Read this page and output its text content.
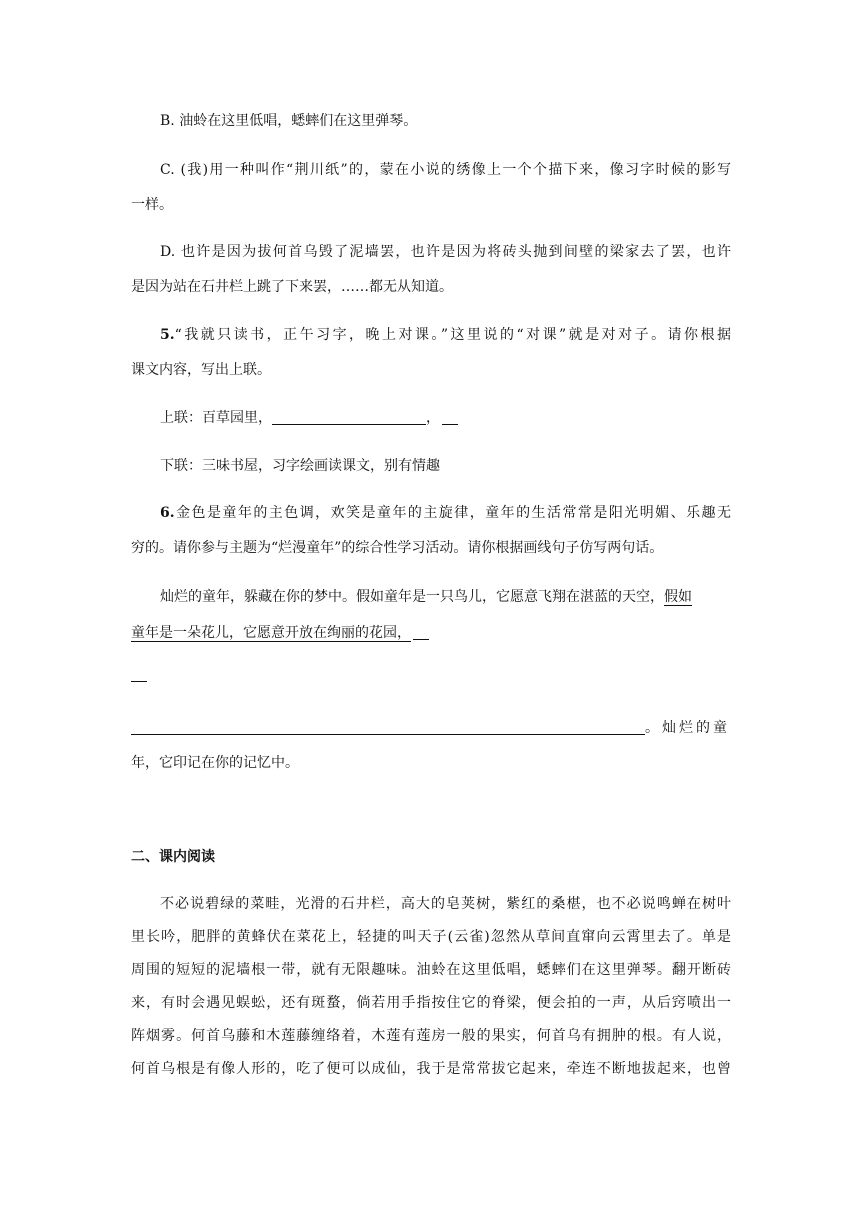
B. 油蛉在这里低唱，蟋蟀们在这里弹琴。

C. (我)用一种叫作“荆川纸”的，蒙在小说的绣像上一个个描下来，像习字时候的影写

一样。

D. 也许是因为拔何首乌毁了泥墙罢，也许是因为将砖头抛到间壁的梁家去了罢，也许

是因为站在石井栏上跳了下来罢，……都无从知道。

5.“我就只读书，正午习字，晚上对课。”这里说的“对课”就是对对子。请你根据

课文内容，写出上联。

上联：百草园里，	，

下联：三味书屋，习字绘画读课文，别有情趣

6.金色是童年的主色调，欢笑是童年的主旋律，童年的生活常常是阳光明媚、乐趣无

穷的。请你参与主题为“烂漫童年”的综合性学习活动。请你根据画线句子仿写两句话。

灿烂的童年，躲藏在你的梦中。假如童年是一只鸟儿，它愿意飞翔在湛蓝的天空，假如

童年是一朵花儿，它愿意开放在绚丽的花园，

。灿烂的童

年，它印记在你的记忆中。

二、课内阅读

不必说碧绿的菜畦，光滑的石井栏，高大的皂荚树，紫红的桑椹，也不必说鸣蝉在树叶

里长吟，肥胖的黄蜂伏在菜花上，轻捷的叫天子(云雀)忽然从草间直窜向云霄里去了。单是

周围的短短的泥墙根一带，就有无限趣味。油蛉在这里低唱，蟋蟀们在这里弹琴。翻开断砖

来，有时会遇见蜈蚣，还有斑蝥，倘若用手指按住它的脊梁，便会拍的一声，从后窍喷出一

阵烟雾。何首乌藤和木莲藤缠络着，木莲有莲房一般的果实，何首乌有拥肿的根。有人说，

何首乌根是有像人形的，吃了便可以成仙，我于是常常拔它起来，牵连不断地拔起来，也曾
